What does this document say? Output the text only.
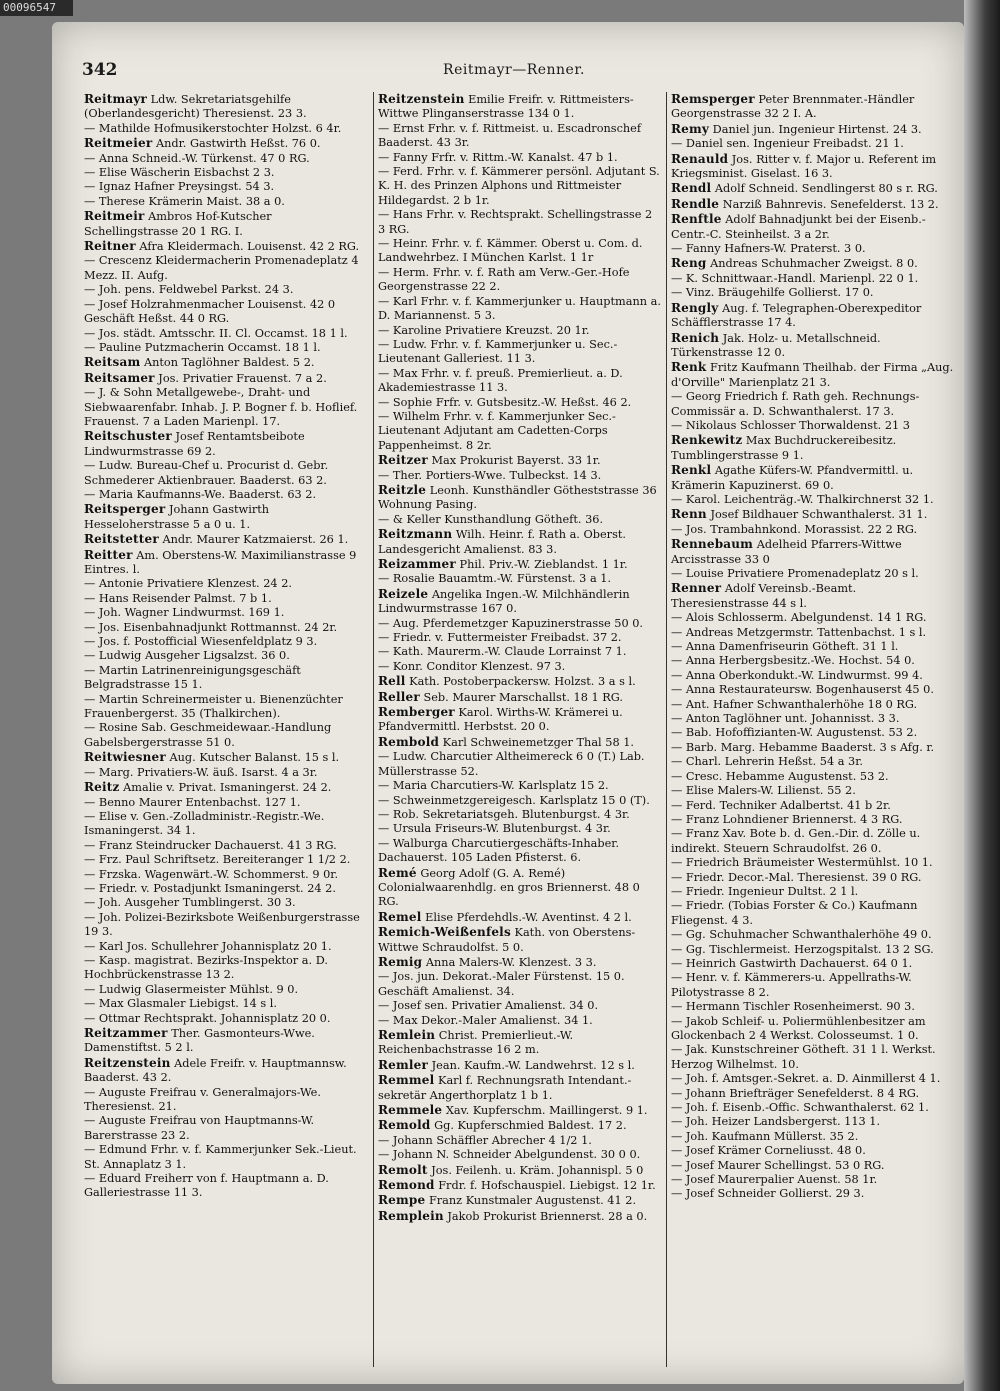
00096547
342	Reitmayr—Renner.

Reitmayr Ldw. Sekretariatsgehilfe (Oberlandesgericht) Theresienst. 23 3.

— Mathilde Hofmusikerstochter Holzst. 6 4r.

Reitmeier Andr. Gastwirth Heßst. 76 0.

— Anna Schneid.-W. Türkenst. 47 0 RG.

— Elise Wäscherin Eisbachst 2 3.

— Ignaz Hafner Preysingst. 54 3.

— Therese Krämerin Maist. 38 a 0.

Reitmeir Ambros Hof-Kutscher Schellingstrasse 20 1 RG. I.

Reitner Afra Kleidermach. Louisenst. 42 2 RG.

— Crescenz Kleidermacherin Promenadeplatz 4 Mezz. II. Aufg.

— Joh. pens. Feldwebel Parkst. 24 3.

— Josef Holzrahmenmacher Louisenst. 42 0 Geschäft Heßst. 44 0 RG.

— Jos. städt. Amtsschr. II. Cl. Occamst. 18 1 l.

— Pauline Putzmacherin Occamst. 18 1 l.

Reitsam Anton Taglöhner Baldest. 5 2.

Reitsamer Jos. Privatier Frauenst. 7 a 2.

— J. & Sohn Metallgewebe-, Draht- und Siebwaarenfabr. Inhab. J. P. Bogner f. b. Hoflief. Frauenst. 7 a Laden Marienpl. 17.

Reitschuster Josef Rentamtsbeibote Lindwurmstrasse 69 2.

— Ludw. Bureau-Chef u. Procurist d. Gebr. Schmederer Aktienbrauer. Baaderst. 63 2.

— Maria Kaufmanns-We. Baaderst. 63 2.

Reitsperger Johann Gastwirth Hesseloherstrasse 5 a 0 u. 1.

Reitstetter Andr. Maurer Katzmaierst. 26 1.

Reitter Am. Oberstens-W. Maximilianstrasse 9 Eintres. l.

— Antonie Privatiere Klenzest. 24 2.

— Hans Reisender Palmst. 7 b 1.

— Joh. Wagner Lindwurmst. 169 1.

— Jos. Eisenbahnadjunkt Rottmannst. 24 2r.

— Jos. f. Postofficial Wiesenfeldplatz 9 3.

— Ludwig Ausgeher Ligsalzst. 36 0.

— Martin Latrinenreinigungsgeschäft Belgradstrasse 15 1.

— Martin Schreinermeister u. Bienenzüchter Frauenbergerst. 35 (Thalkirchen).

— Rosine Sab. Geschmeidewaar.-Handlung Gabelsbergerstrasse 51 0.

Reitwiesner Aug. Kutscher Balanst. 15 s l.

— Marg. Privatiers-W. äuß. Isarst. 4 a 3r.

Reitz Amalie v. Privat. Ismaningerst. 24 2.

— Benno Maurer Entenbachst. 127 1.

— Elise v. Gen.-Zolladministr.-Registr.-We. Ismaningerst. 34 1.

— Franz Steindrucker Dachauerst. 41 3 RG.

— Frz. Paul Schriftsetz. Bereiteranger 1 1/2 2.

— Frzska. Wagenwärt.-W. Schommerst. 9 0r.

— Friedr. v. Postadjunkt Ismaningerst. 24 2.

— Joh. Ausgeher Tumblingerst. 30 3.

— Joh. Polizei-Bezirksbote Weißenburgerstrasse 19 3.

— Karl Jos. Schullehrer Johannisplatz 20 1.

— Kasp. magistrat. Bezirks-Inspektor a. D. Hochbrückenstrasse 13 2.

— Ludwig Glasermeister Mühlst. 9 0.

— Max Glasmaler Liebigst. 14 s l.

— Ottmar Rechtsprakt. Johannisplatz 20 0.

Reitzammer Ther. Gasmonteurs-Wwe. Damenstiftst. 5 2 l.

Reitzenstein Adele Freifr. v. Hauptmannsw. Baaderst. 43 2.

— Auguste Freifrau v. Generalmajors-We. Theresienst. 21.

— Auguste Freifrau von Hauptmanns-W. Barerstrasse 23 2.

— Edmund Frhr. v. f. Kammerjunker Sek.-Lieut. St. Annaplatz 3 1.

— Eduard Freiherr von f. Hauptmann a. D. Galleriestrasse 11 3.

Reitzenstein Emilie Freifr. v. Rittmeisters-Wittwe Plinganserstrasse 134 0 1.

— Ernst Frhr. v. f. Rittmeist. u. Escadronschef Baaderst. 43 3r.

— Fanny Frfr. v. Rittm.-W. Kanalst. 47 b 1.

— Ferd. Frhr. v. f. Kämmerer persönl. Adjutant S. K. H. des Prinzen Alphons und Rittmeister Hildegardst. 2 b 1r.

— Hans Frhr. v. Rechtsprakt. Schellingstrasse 2 3 RG.

— Heinr. Frhr. v. f. Kämmer. Oberst u. Com. d. Landwehrbez. I München Karlst. 1 1r

— Herm. Frhr. v. f. Rath am Verw.-Ger.-Hofe Georgenstrasse 22 2.

— Karl Frhr. v. f. Kammerjunker u. Hauptmann a. D. Mariannenst. 5 3.

— Karoline Privatiere Kreuzst. 20 1r.

— Ludw. Frhr. v. f. Kammerjunker u. Sec.-Lieutenant Galleriest. 11 3.

— Max Frhr. v. f. preuß. Premierlieut. a. D. Akademiestrasse 11 3.

— Sophie Frfr. v. Gutsbesitz.-W. Heßst. 46 2.

— Wilhelm Frhr. v. f. Kammerjunker Sec.-Lieutenant Adjutant am Cadetten-Corps Pappenheimst. 8 2r.

Reitzer Max Prokurist Bayerst. 33 1r.

— Ther. Portiers-Wwe. Tulbeckst. 14 3.

Reitzle Leonh. Kunsthändler Götheststrasse 36 Wohnung Pasing.

— & Keller Kunsthandlung Götheft. 36.

Reitzmann Wilh. Heinr. f. Rath a. Oberst. Landesgericht Amalienst. 83 3.

Reizammer Phil. Priv.-W. Zieblandst. 1 1r.

— Rosalie Bauamtm.-W. Fürstenst. 3 a 1.

Reizele Angelika Ingen.-W. Milchhändlerin Lindwurmstrasse 167 0.

— Aug. Pferdemetzger Kapuzinerstrasse 50 0.

— Friedr. v. Futtermeister Freibadst. 37 2.

— Kath. Maurerm.-W. Claude Lorrainst 7 1.

— Konr. Conditor Klenzest. 97 3.

Rell Kath. Postoberpackersw. Holzst. 3 a s l.

Reller Seb. Maurer Marschallst. 18 1 RG.

Remberger Karol. Wirths-W. Krämerei u. Pfandvermittl. Herbstst. 20 0.

Rembold Karl Schweinemetzger Thal 58 1.

— Ludw. Charcutier Altheimereck 6 0 (T.) Lab. Müllerstrasse 52.

— Maria Charcutiers-W. Karlsplatz 15 2.

— Schweinmetzgereigesch. Karlsplatz 15 0 (T).

— Rob. Sekretariatsgeh. Blutenburgst. 4 3r.

— Ursula Friseurs-W. Blutenburgst. 4 3r.

— Walburga Charcutiergeschäfts-Inhaber. Dachauerst. 105 Laden Pfisterst. 6.

Remé Georg Adolf (G. A. Remé) Colonialwaarenhdlg. en gros Briennerst. 48 0 RG.

Remel Elise Pferdehdls.-W. Aventinst. 4 2 l.

Remich-Weißenfels Kath. von Oberstens-Wittwe Schraudolfst. 5 0.

Remig Anna Malers-W. Klenzest. 3 3.

— Jos. jun. Dekorat.-Maler Fürstenst. 15 0. Geschäft Amalienst. 34.

— Josef sen. Privatier Amalienst. 34 0.

— Max Dekor.-Maler Amalienst. 34 1.

Remlein Christ. Premierlieut.-W. Reichenbachstrasse 16 2 m.

Remler Jean. Kaufm.-W. Landwehrst. 12 s l.

Remmel Karl f. Rechnungsrath Intendant.-sekretär Angerthorplatz 1 b 1.

Remmele Xav. Kupferschm. Maillingerst. 9 1.

Remold Gg. Kupferschmied Baldest. 17 2.

— Johann Schäffler Abrecher 4 1/2 1.

— Johann N. Schneider Abelgundenst. 30 0 0.

Remolt Jos. Feilenh. u. Kräm. Johannispl. 5 0

Remond Frdr. f. Hofschauspiel. Liebigst. 12 1r.

Rempe Franz Kunstmaler Augustenst. 41 2.

Remplein Jakob Prokurist Briennerst. 28 a 0.

Remsperger Peter Brennmater.-Händler Georgenstrasse 32 2 I. A.

Remy Daniel jun. Ingenieur Hirtenst. 24 3.

— Daniel sen. Ingenieur Freibadst. 21 1.

Renauld Jos. Ritter v. f. Major u. Referent im Kriegsminist. Giselast. 16 3.

Rendl Adolf Schneid. Sendlingerst 80 s r. RG.

Rendle Narziß Bahnrevis. Senefelderst. 13 2.

Renftle Adolf Bahnadjunkt bei der Eisenb.-Centr.-C. Steinheilst. 3 a 2r.

— Fanny Hafners-W. Praterst. 3 0.

Reng Andreas Schuhmacher Zweigst. 8 0.

— K. Schnittwaar.-Handl. Marienpl. 22 0 1.

— Vinz. Bräugehilfe Gollierst. 17 0.

Rengly Aug. f. Telegraphen-Oberexpeditor Schäfflerstrasse 17 4.

Renich Jak. Holz- u. Metallschneid. Türkenstrasse 12 0.

Renk Fritz Kaufmann Theilhab. der Firma „Aug. d'Orville" Marienplatz 21 3.

— Georg Friedrich f. Rath geh. Rechnungs-Commissär a. D. Schwanthalerst. 17 3.

— Nikolaus Schlosser Thorwaldenst. 21 3

Renkewitz Max Buchdruckereibesitz. Tumblingerstrasse 9 1.

Renkl Agathe Küfers-W. Pfandvermittl. u. Krämerin Kapuzinerst. 69 0.

— Karol. Leichenträg.-W. Thalkirchnerst 32 1.

Renn Josef Bildhauer Schwanthalerst. 31 1.

— Jos. Trambahnkond. Morassist. 22 2 RG.

Rennebaum Adelheid Pfarrers-Wittwe Arcisstrasse 33 0

— Louise Privatiere Promenadeplatz 20 s l.

Renner Adolf Vereinsb.-Beamt. Theresienstrasse 44 s l.

— Alois Schlosserm. Abelgundenst. 14 1 RG.

— Andreas Metzgermstr. Tattenbachst. 1 s l.

— Anna Damenfriseurin Götheft. 31 1 l.

— Anna Herbergsbesitz.-We. Hochst. 54 0.

— Anna Oberkondukt.-W. Lindwurmst. 99 4.

— Anna Restaurateursw. Bogenhauserst 45 0.

— Ant. Hafner Schwanthalerhöhe 18 0 RG.

— Anton Taglöhner unt. Johannisst. 3 3.

— Bab. Hofoffizianten-W. Augustenst. 53 2.

— Barb. Marg. Hebamme Baaderst. 3 s Afg. r.

— Charl. Lehrerin Heßst. 54 a 3r.

— Cresc. Hebamme Augustenst. 53 2.

— Elise Malers-W. Lilienst. 55 2.

— Ferd. Techniker Adalbertst. 41 b 2r.

— Franz Lohndiener Briennerst. 4 3 RG.

— Franz Xav. Bote b. d. Gen.-Dir. d. Zölle u. indirekt. Steuern Schraudolfst. 26 0.

— Friedrich Bräumeister Westermühlst. 10 1.

— Friedr. Decor.-Mal. Theresienst. 39 0 RG.

— Friedr. Ingenieur Dultst. 2 1 l.

— Friedr. (Tobias Forster & Co.) Kaufmann Fliegenst. 4 3.

— Gg. Schuhmacher Schwanthalerhöhe 49 0.

— Gg. Tischlermeist. Herzogspitalst. 13 2 SG.

— Heinrich Gastwirth Dachauerst. 64 0 1.

— Henr. v. f. Kämmerers-u. Appellraths-W. Pilotystrasse 8 2.

— Hermann Tischler Rosenheimerst. 90 3.

— Jakob Schleif- u. Poliermühlenbesitzer am Glockenbach 2 4 Werkst. Colosseumst. 1 0.

— Jak. Kunstschreiner Götheft. 31 1 l. Werkst. Herzog Wilhelmst. 10.

— Joh. f. Amtsger.-Sekret. a. D. Ainmillerst 4 1.

— Johann Briefträger Senefelderst. 8 4 RG.

— Joh. f. Eisenb.-Offic. Schwanthalerst. 62 1.

— Joh. Heizer Landsbergerst. 113 1.

— Joh. Kaufmann Müllerst. 35 2.

— Josef Krämer Corneliusst. 48 0.

— Josef Maurer Schellingst. 53 0 RG.

— Josef Maurerpalier Auenst. 58 1r.

— Josef Schneider Gollierst. 29 3.
